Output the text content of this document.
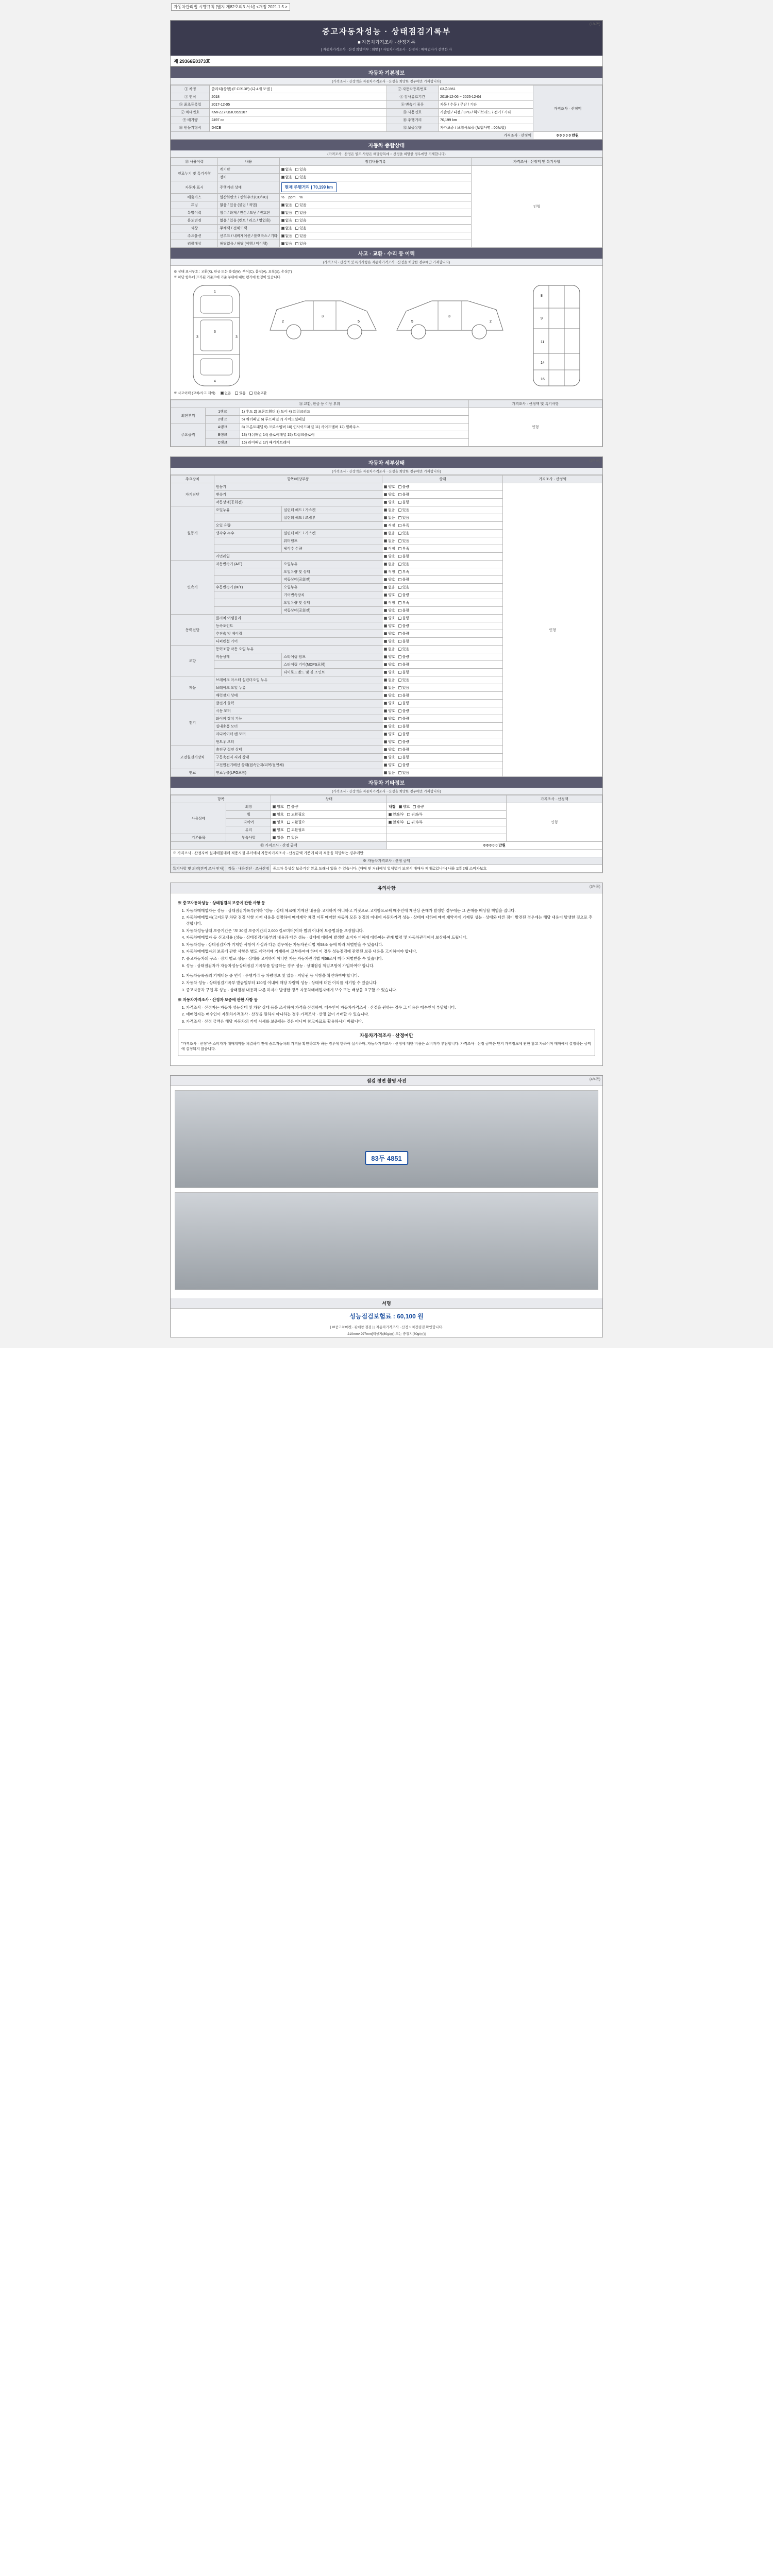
자동차관리법 시행규칙 [별지 제82호의3 서식] <개정 2021.1.5.>
(1/4쪽)
중고자동차성능 · 상태점검기록부
■ 자동차가격조사 · 산정기록
[ 자동차가격조사 · 산정 희망여부 : 희망 ] / 자동차가격조사 · 산정자 : 매매업자가 선택한 자
제 29366E0373호
자동차 기본정보
(가격조사 · 산정액은 자동차가격조사 · 산정을 희망한 경우에만 기재합니다)
① 차명	쏠라티(상형) (F CR13P) (디-4제 모델 )	② 자동차등록번호	03루0861	가격조사 · 산정액
③ 연식	2018	④ 검사유효기간	2018-12-06 ~ 2025-12-04	
⑤ 최초등록일	2017-12-05	⑥ 변속기 종류	자동 / 수동 / 무단 / 기타	
⑦ 차대번호	KMFZZ7KBJU9S9107	⑧ 사용연료	가솔린 / 디젤 / LPG / 하이브리드 / 전기 / 기타	
⑨ 배기량	2497 cc	⑩ 주행거리	70,199 km	
⑪ 원동기형식	D4CB	⑫ 보증유형	자가보증 / 보험사보증 (보험사명 : 00보험)	
가격조사 · 산정액				0 0 0 0 0 만원
자동차 종합상태
(가격조사 · 산정은 별도 사항은 해당항목에 ○ 산정을 희망한 경우에만 기재합니다)
⑬ 사용이력	내용	점검내용기록	가격조사 · 산정액 및 특기사항
연료누기 및 특기사항	계기판	없음 있음	인형
	정비	없음 있음	
자동차 표시	주행거리 상태	현재 주행거리 | 70,199 km	
배출가스	일산화탄소 / 탄화수소(CO/HC)	% ppm %	
튜닝	없음 / 있음 (불법 / 적법)	없음 있음	
특별이력	침수 / 화재 / 전손 / 도난 / 번호판	없음 있음	
용도변경	없음 / 있음 (렌트 / 리스 / 영업용)	없음 있음	
색상	무채색 / 전체도색	없음 있음	
주요옵션	선루프 / 내비게이션 / 블랙박스 / 기타	없음 있음	
리콜대상	해당없음 / 해당 (이행 / 미이행)	없음 있음	
사고 · 교환 · 수리 등 이력
(가격조사 · 산정액 및 특기사항은 자동차가격조사 · 산정을 희망한 경우에만 기재합니다)
※ 상태 표시부호 : 교환(X), 판금 또는 용접(W), 부식(C), 흠집(A), 요철(U), 손상(T)
※ 하단 항목에 표기된 기준표에 기준 부위에 대한 평가에 한정이 있습니다.
1
6
4
3	3
2
3
5	5
3
2
8
9
11
14
16
※ 사고이력 (교차/사고 제외)	없음 있음 단순교환
⑭ 교환, 판금 등 이상 부위			가격조사 · 산정액 및 특기사항
외판부위	1랭크	1) 후드 2) 프론트휀더 3) 도어 4) 트렁크리드	인형
	2랭크	5) 쿼터패널 6) 루프패널 7) 사이드실패널	
주요골격	A랭크	8) 프론트패널 9) 크로스멤버 10) 인사이드패널 11) 사이드멤버 12) 휠하우스	
	B랭크	13) 대쉬패널 14) 플로어패널 15) 트렁크플로어	
	C랭크	16) 리어패널 17) 패키지트레이	
(2/4쪽)
자동차 세부상태
(가격조사 · 산정액은 자동차가격조사 · 산정을 희망한 경우에만 기재합니다)
주요장치	항목/해당부품		상태	가격조사 · 산정액
자기진단	원동기		양호 불량	인형
	변속기		양호 불량	
	작동상태(공회전)		양호 불량	
원동기	오일누유	실린더 헤드 / 가스켓	없음 있음	
		실린더 헤드 / 조립부	없음 있음	
	오일 유량		적정 부족	
	냉각수 누수	실린더 헤드 / 가스켓	없음 있음	
		워터펌프	없음 있음	
		냉각수 수량	적정 부족	
	커먼레일		양호 불량	
변속기	자동변속기 (A/T)	오일누유	없음 있음	
		오일유량 및 상태	적정 부족	
		작동상태(공회전)	양호 불량	
	수동변속기 (M/T)	오일누유	없음 있음	
		기어변속장치	양호 불량	
		오일유량 및 상태	적정 부족	
		작동상태(공회전)	양호 불량	
동력전달	클러치 어셈블리		양호 불량	
	등속조인트		양호 불량	
	추진축 및 베어링		양호 불량	
	디퍼렌셜 기어		양호 불량	
조향	동력조향 작동 오일 누유		없음 있음	
	작동상태	스티어링 펌프	양호 불량	
		스티어링 기어(MDPS포함)	양호 불량	
		타이로드엔드 및 볼 조인트	양호 불량	
제동	브레이크 마스터 실린더오일 누유		없음 있음	
	브레이크 오일 누유		없음 있음	
	배력장치 상태		양호 불량	
전기	발전기 출력		양호 불량	
	시동 모터		양호 불량	
	와이퍼 장치 기능		양호 불량	
	실내송풍 모터		양호 불량	
	라디에이터 팬 모터		양호 불량	
	윈도우 모터		양호 불량	
고전원전기장치	충전구 절연 상태		양호 불량	
	구동축전지 격리 상태		양호 불량	
	고전원전기배선 상태(접속단자/피복/절연체)		양호 불량	
연료	연료누출(LPG포함)		없음 있음	
자동차 기타정보
(가격조사 · 산정액은 자동차가격조사 · 산정을 희망한 경우에만 기재합니다)
항목		상태		가격조사 · 산정액
사용상태	외장	양호 불량	내장 양호 불량	인형
	휠	양호 교환필요	앞좌/우 뒤좌/우	
	타이어	양호 교환필요	앞좌/우 뒤좌/우	
	유리	양호 교환필요		
기본품목	부속사항	있음 없음		
⑮ 가격조사 · 산정 금액			0 0 0 0 0 만원	
※ 가격조사 · 산정자에 실제매물매매 적용시점 부터에서 자동차가격조사 · 산정금액 기준에 따라 적용을 희망하는 경우에만				
※ 자동차가격조사 · 산정 금액				
특기사항 및 의견(견적 조사 안내)	감독 · 내용진단 · 조사산정	중고차 특성상 보증기간 완료 도래시 있을 수 있습니다. (매매 및 거래에성 업체별기 보장시 매매사 제대로입니다) 내용 1項 2項 소비자보호		
(3/4쪽)
유의사항

※ 중고자동차성능 · 상태점검의 보증에 관한 사항 등

1. 자동차매매업자는 성능 · 상태점검기록부(이하 "성능 · 상태 체크에 기재된 내용을 고지하지 아니하고 거짓으로 고지함으로써 매수인에 재산상 손해가 발생한 경우에는 그 손해를 배상할 책임을 집니다.
2. 자동차매매업자(고지의무 차단 점검 사항 기재 내용을 설명하여 매매계약 체결 이후 매매한 자동차 모든 점검의 이내에 자동차가격 성능 · 상태에 대하여 매매 계약서에 기재된 성능 · 상태와 다른 점이 발견된 경우에는 해당 내용이 발생한 것으로 추정합니다.
3. 자동차성능상태 보증기간은 "보 30일 보증기간의 2,000 킬로미터(이하 범위 이내에 보증범위를 보장합니다.
4. 자동차매매업자 등 신고내용 (성능 · 상태점검기록부의 내용과 다른 성능 · 상태에 대하여 발생한 소비자 피해에 대하여는 관계 법령 및 자동차관리에서 보상하여 드립니다.
5. 자동차성능 · 상태점검자가 기재한 사항이 사실과 다른 경우에는 자동차관리법 제58조 등에 따라 처벌받을 수 있습니다.
6. 자동차매매업자의 보증에 관한 사항은 별도 계약서에 기재하여 교부하여야 하며 이 경우 성능점검에 관련된 보증 내용을 고지하여야 합니다.
7. 중고자동차의 구조 · 장치 별로 성능 · 상태를 고지하지 아니한 자는 자동차관리법 제58조에 따라 처벌받을 수 있습니다.
8. 성능 · 상태점검자가 자동차성능상태점검 기록부를 발급하는 경우 성능 · 상태점검 책임보험에 가입하여야 합니다.
1. 자동차등록증의 기재내용 중 연식 · 주행거리 등 차량정보 및 압류 · 저당권 등 사항을 확인하여야 합니다.
2. 자동차 성능 · 상태점검기록부 발급일부터 120일 이내에 해당 차량의 성능 · 상태에 대한 이의를 제기할 수 있습니다.
3. 중고자동차 구입 후 성능 · 상태점검 내용과 다른 하자가 발생한 경우 자동차매매업자에게 보수 또는 배상을 요구할 수 있습니다.

※ 자동차가격조사 · 산정자 보증에 관한 사항 등

1. 가격조사 · 산정자는 자동차 성능상태 및 차량 상태 등을 조사하여 가격을 산정하며, 매수인이 자동차가격조사 · 산정을 원하는 경우 그 비용은 매수인이 부담합니다.
2. 매매업자는 매수인이 자동차가격조사 · 산정을 원하지 아니하는 경우 가격조사 · 산정 없이 거래할 수 있습니다.
3. 가격조사 · 산정 금액은 해당 자동차의 거래 시세를 보증하는 것은 아니며 참고자료로 활용하시기 바랍니다.
자동차가격조사 · 산정여안
"가격조사 · 산정"은 소비자가 매매계약을 체결하기 전에 중고자동차의 가격을 확인하고자 하는 경우에 한하여 실시하며, 자동차가격조사 · 산정에 대한 비용은 소비자가 부담합니다. 가격조사 · 산정 금액은 단지 가격정보에 관한 참고 자료이며 매매에서 결정하는 금액에 결정되지 않습니다.
(4/4쪽)
점검 정면 촬영 사진
83두 4851
서명
성능점검보험료 : 60,100 원
[ ⅤⅠ중고차마켓 · 판매참 점검 ] | 자동차가격조사 · 산정 1 차장검검 확인합니다.
210mm×297mm[백상지(80g/㎡) 또는 중질지(80g/㎡)]
